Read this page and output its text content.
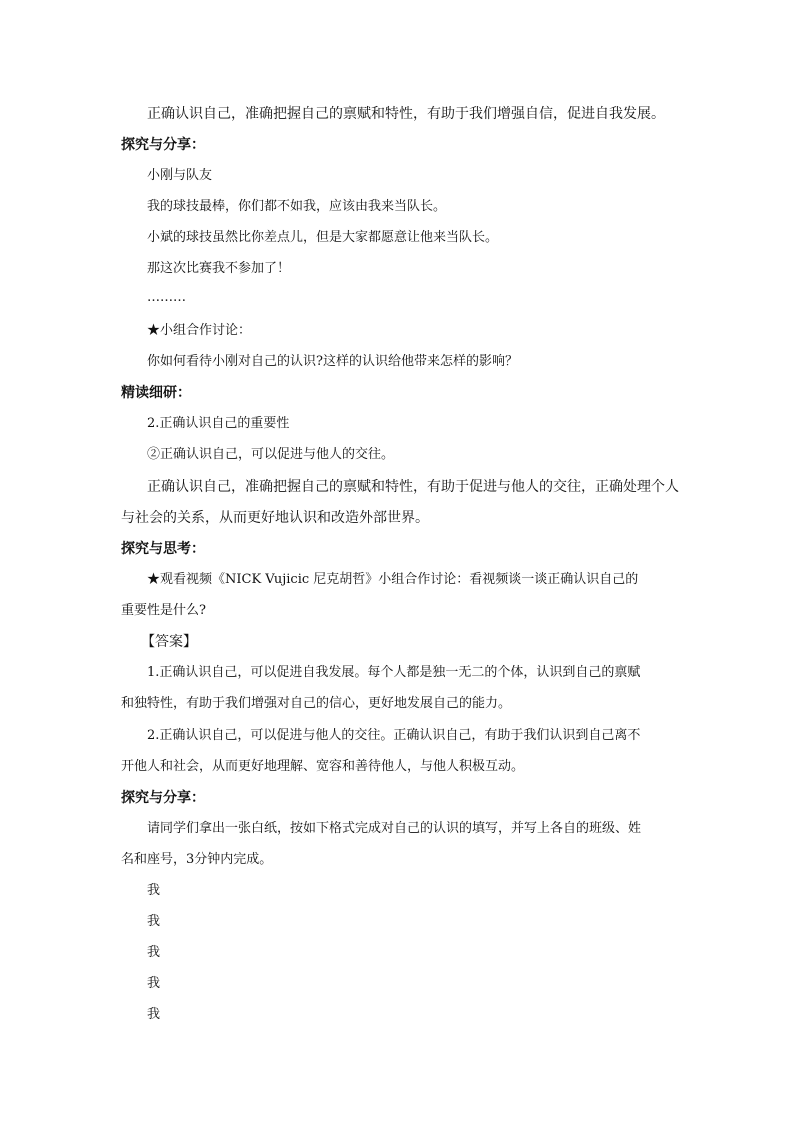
正确认识自己，准确把握自己的禀赋和特性，有助于我们增强自信，促进自我发展。
探究与分享：
小刚与队友
我的球技最棒，你们都不如我，应该由我来当队长。
小斌的球技虽然比你差点儿，但是大家都愿意让他来当队长。
那这次比赛我不参加了！
………
★小组合作讨论：
你如何看待小刚对自己的认识?这样的认识给他带来怎样的影响？
精读细研：
2.正确认识自己的重要性
②正确认识自己，可以促进与他人的交往。
正确认识自己，准确把握自己的禀赋和特性，有助于促进与他人的交往，正确处理个人
与社会的关系，从而更好地认识和改造外部世界。
探究与思考：
★观看视频《NICK Vujicic 尼克胡哲》小组合作讨论：看视频谈一谈正确认识自己的
重要性是什么?
【答案】
1.正确认识自己，可以促进自我发展。每个人都是独一无二的个体，认识到自己的禀赋
和独特性，有助于我们增强对自己的信心，更好地发展自己的能力。
2.正确认识自己，可以促进与他人的交往。正确认识自己，有助于我们认识到自己离不
开他人和社会，从而更好地理解、宽容和善待他人，与他人积极互动。
探究与分享：
请同学们拿出一张白纸，按如下格式完成对自己的认识的填写，并写上各自的班级、姓
名和座号，3分钟内完成。
我
我
我
我
我
